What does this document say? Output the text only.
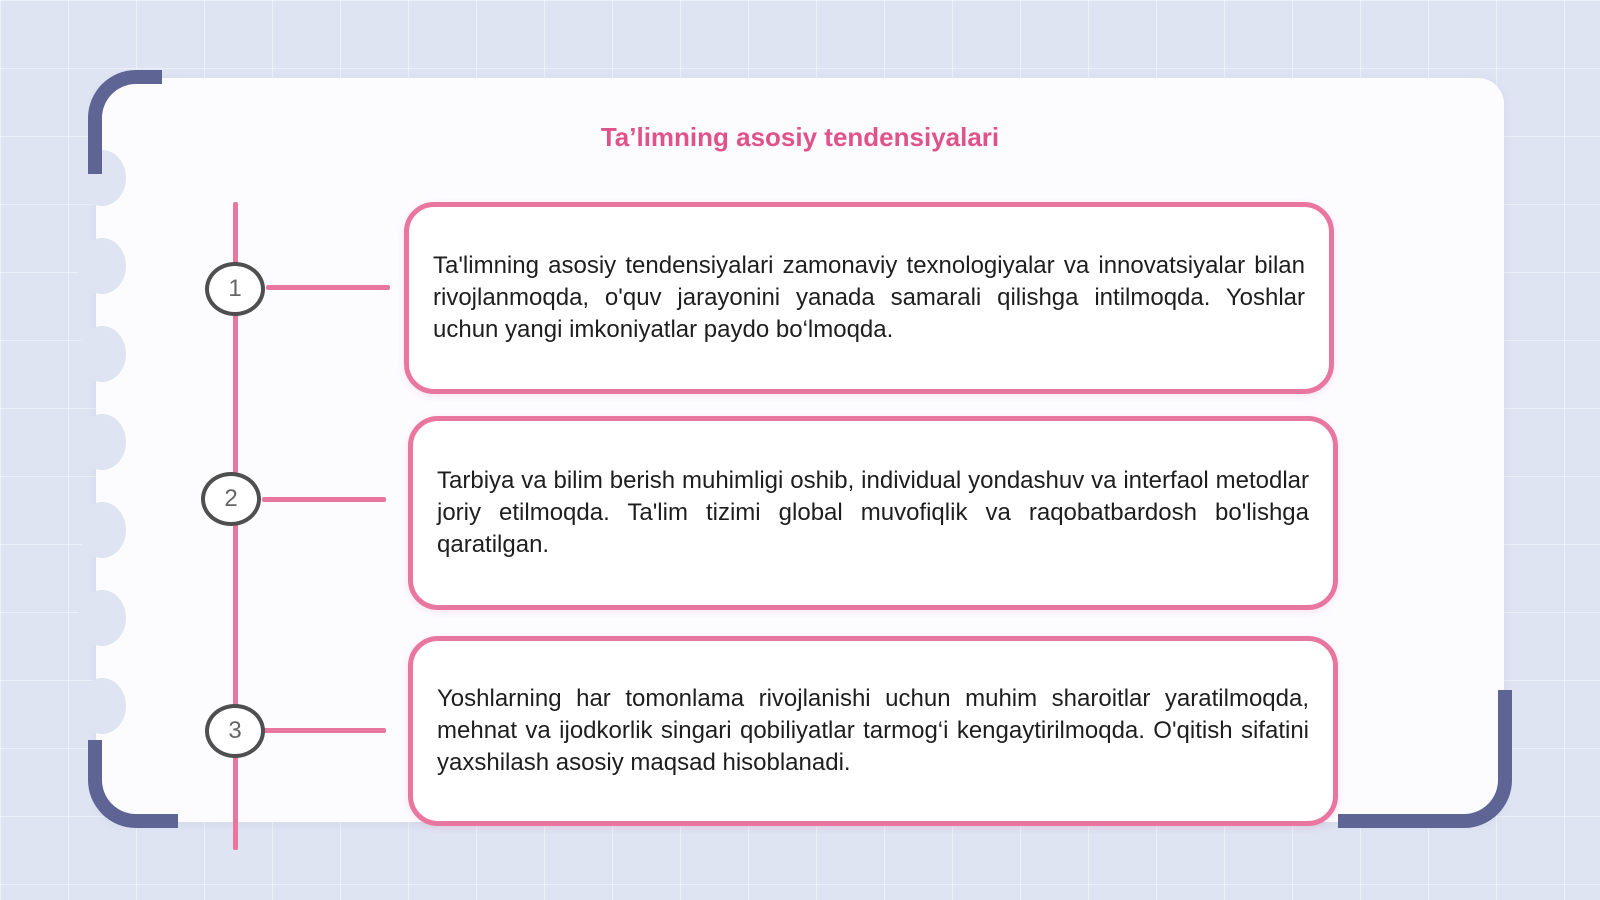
Ta’limning asosiy tendensiyalari
1

Ta'limning asosiy tendensiyalari zamonaviy texnologiyalar va innovatsiyalar bilan rivojlanmoqda, o'quv jarayonini yanada samarali qilishga intilmoqda. Yoshlar uchun yangi imkoniyatlar paydo bo‘lmoqda.

2

Tarbiya va bilim berish muhimligi oshib, individual yondashuv va interfaol metodlar joriy etilmoqda. Ta'lim tizimi global muvofiqlik va raqobatbardosh bo'lishga qaratilgan.

3

Yoshlarning har tomonlama rivojlanishi uchun muhim sharoitlar yaratilmoqda, mehnat va ijodkorlik singari qobiliyatlar tarmog‘i kengaytirilmoqda. O'qitish sifatini yaxshilash asosiy maqsad hisoblanadi.
